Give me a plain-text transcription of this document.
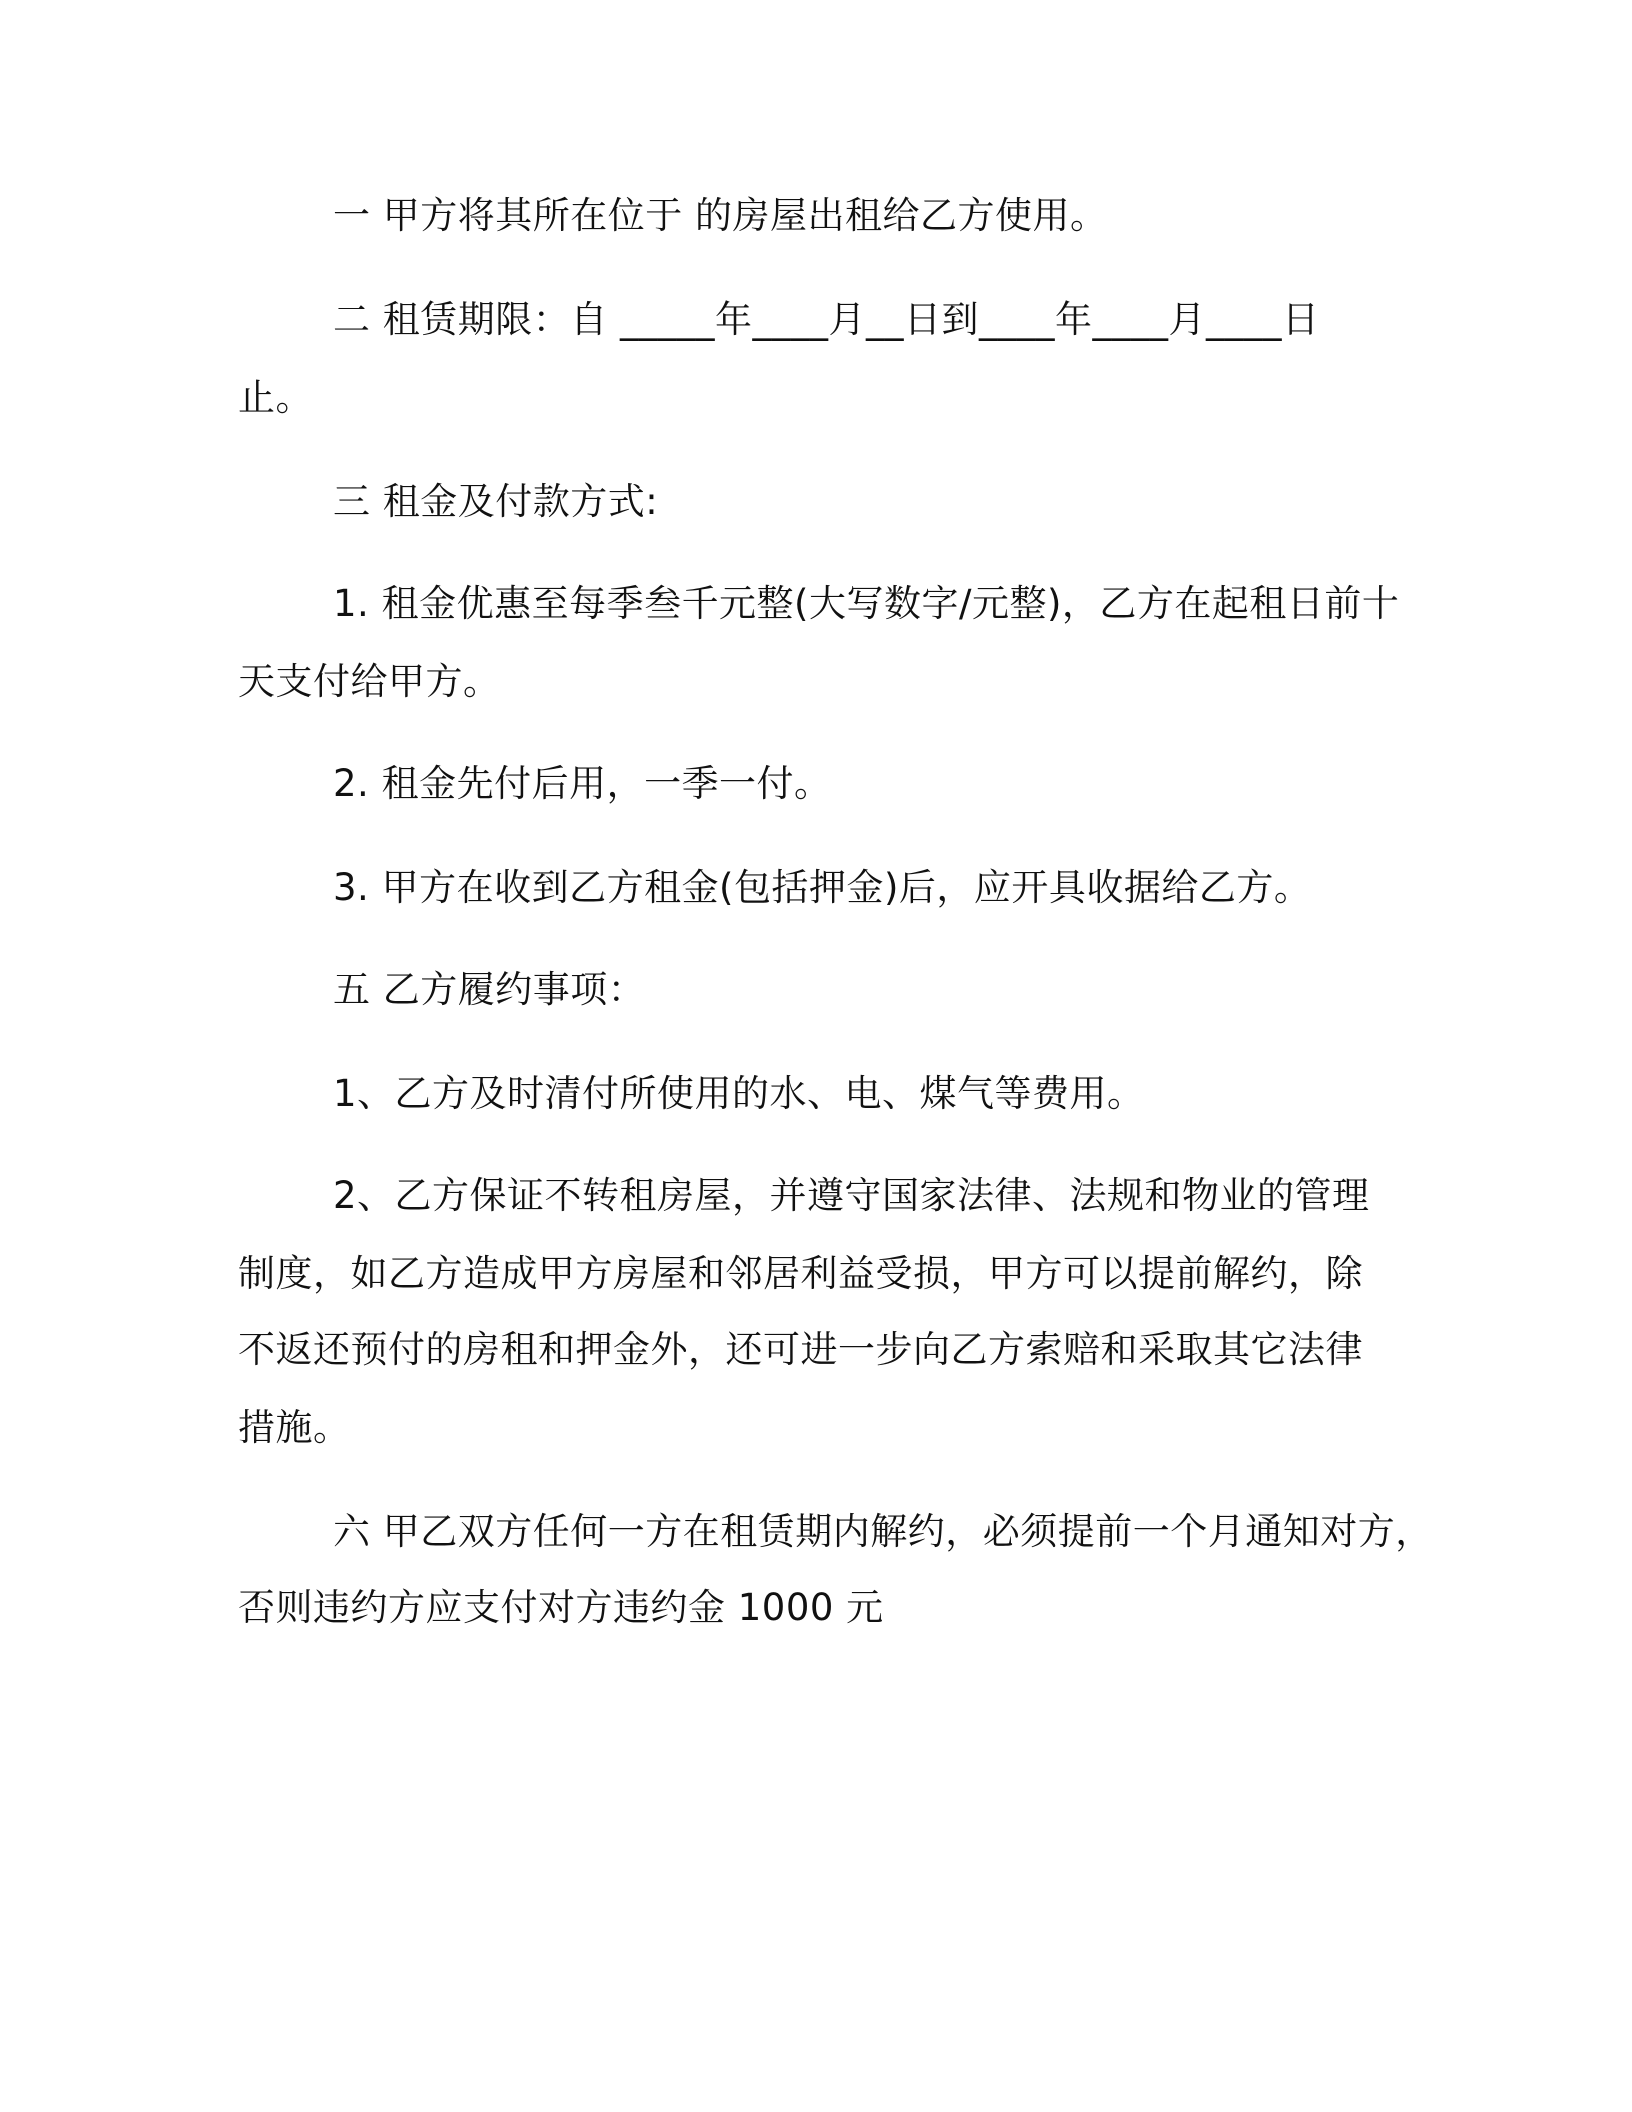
一 甲方将其所在位于 的房屋出租给乙方使用。

二 租赁期限：自 _____年____月__日到____年____月____日

止。

三 租金及付款方式:

1. 租金优惠至每季叁千元整(大写数字/元整)，乙方在起租日前十

天支付给甲方。

2. 租金先付后用，一季一付。

3. 甲方在收到乙方租金(包括押金)后，应开具收据给乙方。

五 乙方履约事项：

1、乙方及时清付所使用的水、电、煤气等费用。

2、乙方保证不转租房屋，并遵守国家法律、法规和物业的管理

制度，如乙方造成甲方房屋和邻居利益受损，甲方可以提前解约，除

不返还预付的房租和押金外，还可进一步向乙方索赔和采取其它法律

措施。

六 甲乙双方任何一方在租赁期内解约，必须提前一个月通知对方，

否则违约方应支付对方违约金 1000 元
